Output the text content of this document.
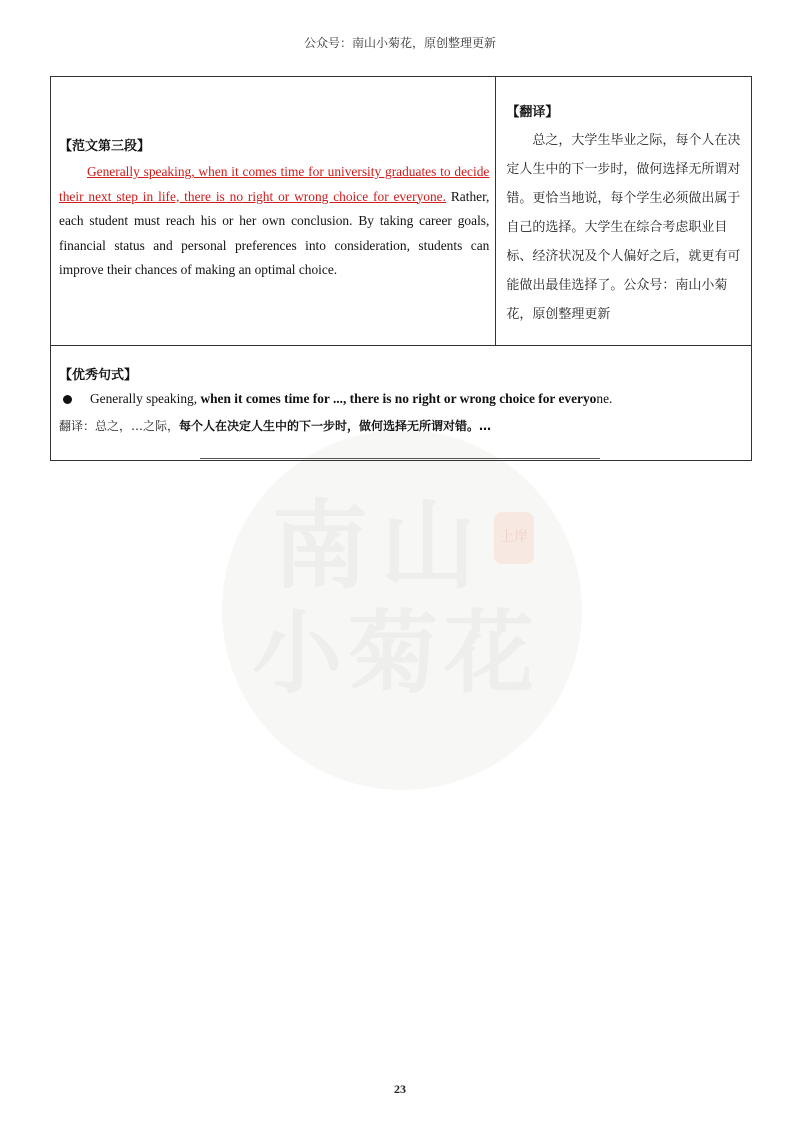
公众号：南山小菊花，原创整理更新
南山
小菊花
上岸
【范文第三段】
Generally speaking, when it comes time for university graduates to decide their next step in life, there is no right or wrong choice for everyone. Rather, each student must reach his or her own conclusion. By taking career goals, financial status and personal preferences into consideration, students can improve their chances of making an optimal choice.

【翻译】
总之，大学生毕业之际，每个人在决定人生中的下一步时，做何选择无所谓对错。更恰当地说，每个学生必须做出属于自己的选择。大学生在综合考虑职业目标、经济状况及个人偏好之后，就更有可能做出最佳选择了。公众号：南山小菊花，原创整理更新

【优秀句式】
Generally speaking, when it comes time for ..., there is no right or wrong choice for everyone.
翻译：总之，…之际，每个人在决定人生中的下一步时，做何选择无所谓对错。…
23
